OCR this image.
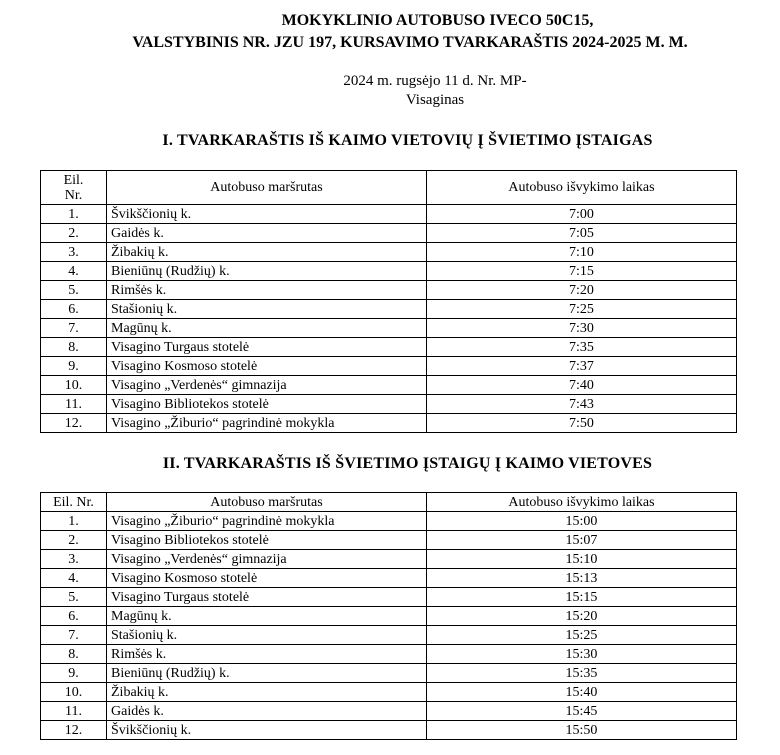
MOKYKLINIO AUTOBUSO IVECO 50C15,
VALSTYBINIS NR. JZU 197, KURSAVIMO TVARKARAŠTIS 2024-2025 M. M.
2024 m. rugsėjo 11 d. Nr. MP-
Visaginas
I. TVARKARAŠTIS IŠ KAIMO VIETOVIŲ Į ŠVIETIMO ĮSTAIGAS
Eil.
Nr.	Autobuso maršrutas	Autobuso išvykimo laikas
1.	Švikščionių k.	7:00
2.	Gaidės k.	7:05
3.	Žibakių k.	7:10
4.	Bieniūnų (Rudžių) k.	7:15
5.	Rimšės k.	7:20
6.	Stašionių k.	7:25
7.	Magūnų k.	7:30
8.	Visagino Turgaus stotelė	7:35
9.	Visagino Kosmoso stotelė	7:37
10.	Visagino „Verdenės“ gimnazija	7:40
11.	Visagino Bibliotekos stotelė	7:43
12.	Visagino „Žiburio“ pagrindinė mokykla	7:50
II. TVARKARAŠTIS IŠ ŠVIETIMO ĮSTAIGŲ Į KAIMO VIETOVES
Eil. Nr.	Autobuso maršrutas	Autobuso išvykimo laikas
1.	Visagino „Žiburio“ pagrindinė mokykla	15:00
2.	Visagino Bibliotekos stotelė	15:07
3.	Visagino „Verdenės“ gimnazija	15:10
4.	Visagino Kosmoso stotelė	15:13
5.	Visagino Turgaus stotelė	15:15
6.	Magūnų k.	15:20
7.	Stašionių k.	15:25
8.	Rimšės k.	15:30
9.	Bieniūnų (Rudžių) k.	15:35
10.	Žibakių k.	15:40
11.	Gaidės k.	15:45
12.	Švikščionių k.	15:50
